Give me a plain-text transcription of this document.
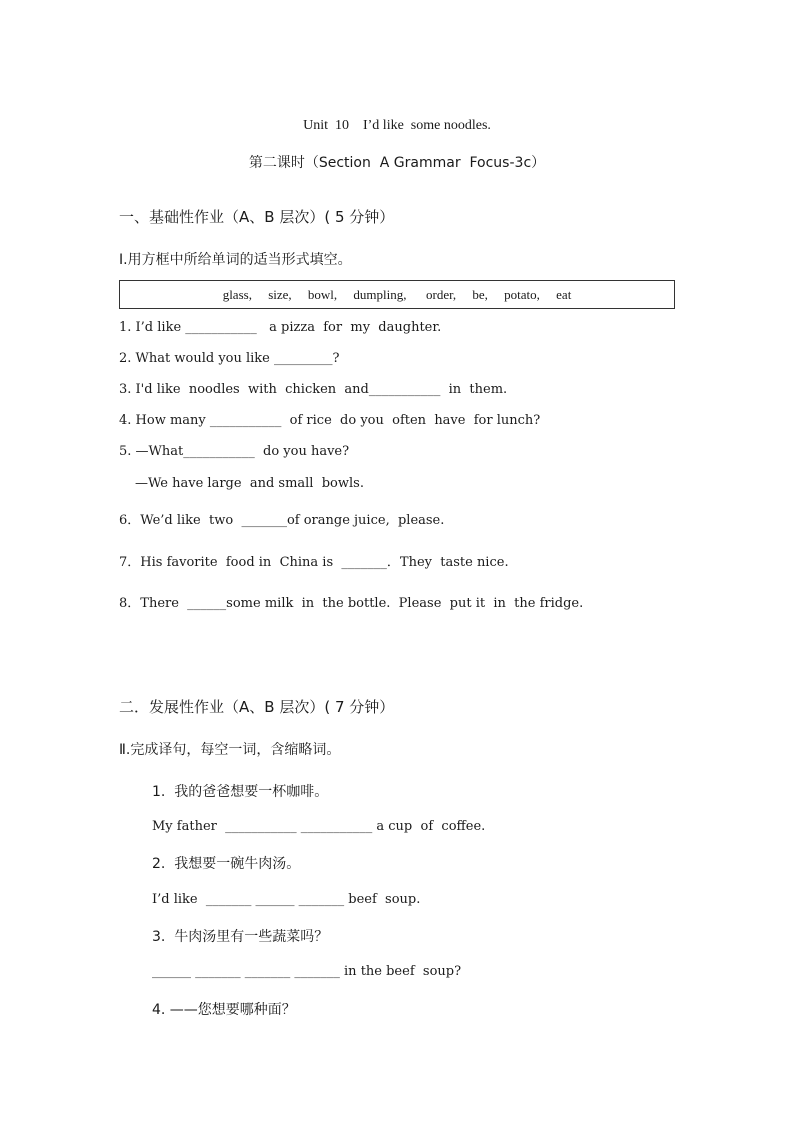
Unit  10    I’d like  some noodles.
第二课时（Section  A Grammar  Focus-3c）
一、基础性作业（A、B 层次）( 5 分钟）
I.用方框中所给单词的适当形式填空。
glass,     size,     bowl,     dumpling,      order,     be,     potato,     eat
1. I’d like ___________   a pizza  for  my  daughter.
2. What would you like _________?
3. I'd like  noodles  with  chicken  and___________  in  them.
4. How many ___________  of rice  do you  often  have  for lunch?
5. —What___________  do you have?
—We have large  and small  bowls.
6．We’d like  two  _______of orange juice,  please.
7．His favorite  food in  China is  _______．They  taste nice.
8．There  ______some milk  in  the bottle.  Please  put it  in  the fridge.
二．发展性作业（A、B 层次）( 7 分钟）
Ⅱ.完成译句，每空一词，含缩略词。
1.  我的爸爸想要一杯咖啡。
My father  ___________ ___________ a cup  of  coffee.
2.  我想要一碗牛肉汤。
I’d like  _______ ______ _______ beef  soup.
3.  牛肉汤里有一些蔬菜吗？
______ _______ _______ _______ in the beef  soup?
4. ——您想要哪种面？
